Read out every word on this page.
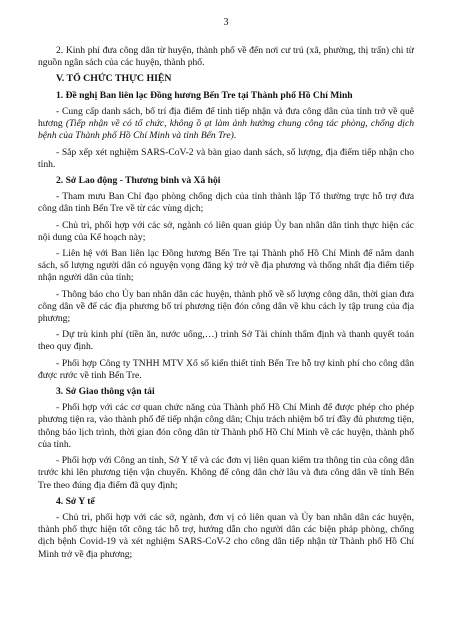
3

2. Kinh phí đưa công dân từ huyện, thành phố về đến nơi cư trú (xã, phường, thị trấn) chi từ nguồn ngân sách của các huyện, thành phố.

V. TỔ CHỨC THỰC HIỆN
1. Đề nghị Ban liên lạc Đồng hương Bến Tre tại Thành phố Hồ Chí Minh

- Cung cấp danh sách, bố trí địa điểm để tỉnh tiếp nhận và đưa công dân của tỉnh trở về quê hương (Tiếp nhận về có tổ chức, không ồ ạt làm ảnh hưởng chung công tác phòng, chống dịch bệnh của Thành phố Hồ Chí Minh và tỉnh Bến Tre).

- Sắp xếp xét nghiệm SARS-CoV-2 và bàn giao danh sách, số lượng, địa điểm tiếp nhận cho tỉnh.

2. Sở Lao động - Thương binh và Xã hội

- Tham mưu Ban Chỉ đạo phòng chống dịch của tỉnh thành lập Tổ thường trực hỗ trợ đưa công dân tỉnh Bến Tre về từ các vùng dịch;

- Chủ trì, phối hợp với các sở, ngành có liên quan giúp Ủy ban nhân dân tỉnh thực hiện các nội dung của Kế hoạch này;

- Liên hệ với Ban liên lạc Đồng hương Bến Tre tại Thành phố Hồ Chí Minh để nắm danh sách, số lượng người dân có nguyện vọng đăng ký trở về địa phương và thống nhất địa điểm tiếp nhận người dân của tỉnh;

- Thông báo cho Ủy ban nhân dân các huyện, thành phố về số lượng công dân, thời gian đưa công dân về để các địa phương bố trí phương tiện đón công dân về khu cách ly tập trung của địa phương;

- Dự trù kinh phí (tiền ăn, nước uống,…) trình Sở Tài chính thẩm định và thanh quyết toán theo quy định.

- Phối hợp Công ty TNHH MTV Xổ số kiến thiết tỉnh Bến Tre hỗ trợ kinh phí cho công dân được rước về tỉnh Bến Tre.

3. Sở Giao thông vận tải

- Phối hợp với các cơ quan chức năng của Thành phố Hồ Chí Minh để được phép cho phép phương tiện ra, vào thành phố để tiếp nhận công dân; Chịu trách nhiệm bố trí đầy đủ phương tiện, thông báo lịch trình, thời gian đón công dân từ Thành phố Hồ Chí Minh về các huyện, thành phố của tỉnh.

- Phối hợp với Công an tỉnh, Sở Y tế và các đơn vị liên quan kiểm tra thông tin của công dân trước khi lên phương tiện vận chuyển. Không để công dân chờ lâu và đưa công dân về tỉnh Bến Tre theo đúng địa điểm đã quy định;

4. Sở Y tế

- Chủ trì, phối hợp với các sở, ngành, đơn vị có liên quan và Ủy ban nhân dân các huyện, thành phố thực hiện tốt công tác hỗ trợ, hướng dẫn cho người dân các biện pháp phòng, chống dịch bệnh Covid-19 và xét nghiệm SARS-CoV-2 cho công dân tiếp nhận từ Thành phố Hồ Chí Minh trở về địa phương;
